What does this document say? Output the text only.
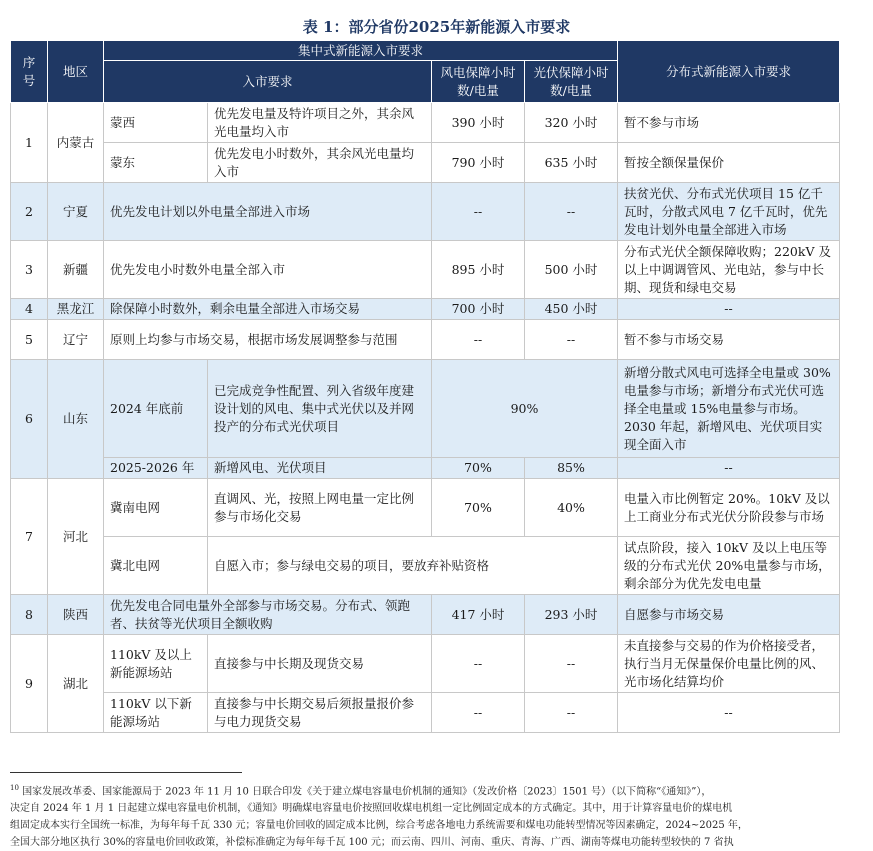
表 1：部分省份2025年新能源入市要求
序号	地区	集中式新能源入市要求				分布式新能源入市要求
		入市要求		风电保障小时数/电量	光伏保障小时数/电量	
1	内蒙古	蒙西	优先发电量及特许项目之外，其余风光电量均入市	390 小时	320 小时	暂不参与市场
		蒙东	优先发电小时数外，其余风光电量均入市	790 小时	635 小时	暂按全额保量保价
2	宁夏	优先发电计划以外电量全部进入市场		--	--	扶贫光伏、分布式光伏项目 15 亿千瓦时，分散式风电 7 亿千瓦时，优先发电计划外电量全部进入市场
3	新疆	优先发电小时数外电量全部入市		895 小时	500 小时	分布式光伏全额保障收购；220kV 及以上中调调管风、光电站，参与中长期、现货和绿电交易
4	黑龙江	除保障小时数外，剩余电量全部进入市场交易		700 小时	450 小时	--
5	辽宁	原则上均参与市场交易，根据市场发展调整参与范围		--	--	暂不参与市场交易
6	山东	2024 年底前	已完成竞争性配置、列入省级年度建设计划的风电、集中式光伏以及并网投产的分布式光伏项目	90%		新增分散式风电可选择全电量或 30%电量参与市场；新增分布式光伏可选择全电量或 15%电量参与市场。2030 年起，新增风电、光伏项目实现全面入市
		2025-2026 年	新增风电、光伏项目	70%	85%	--
7	河北	冀南电网	直调风、光，按照上网电量一定比例参与市场化交易	70%	40%	电量入市比例暂定 20%。10kV 及以上工商业分布式光伏分阶段参与市场
		冀北电网	自愿入市；参与绿电交易的项目，要放弃补贴资格			试点阶段，接入 10kV 及以上电压等级的分布式光伏 20%电量参与市场，剩余部分为优先发电电量
8	陕西	优先发电合同电量外全部参与市场交易。分布式、领跑者、扶贫等光伏项目全额收购		417 小时	293 小时	自愿参与市场交易
9	湖北	110kV 及以上新能源场站	直接参与中长期及现货交易	--	--	未直接参与交易的作为价格接受者，执行当月无保量保价电量比例的风、光市场化结算均价
		110kV 以下新能源场站	直接参与中长期交易后须报量报价参与电力现货交易	--	--	--
$^{10}$ 国家发展改革委、国家能源局于 2023 年 11 月 10 日联合印发《关于建立煤电容量电价机制的通知》（发改价格〔2023〕1501 号）（以下简称“《通知》”），
决定自 2024 年 1 月 1 日起建立煤电容量电价机制，《通知》明确煤电容量电价按照回收煤电机组一定比例固定成本的方式确定。其中，用于计算容量电价的煤电机
组固定成本实行全国统一标准，为每年每千瓦 330 元；容量电价回收的固定成本比例，综合考虑各地电力系统需要和煤电功能转型情况等因素确定，2024~2025 年，
全国大部分地区执行 30%的容量电价回收政策，补偿标准确定为每年每千瓦 100 元；而云南、四川、河南、重庆、青海、广西、湖南等煤电功能转型较快的 7 省执
